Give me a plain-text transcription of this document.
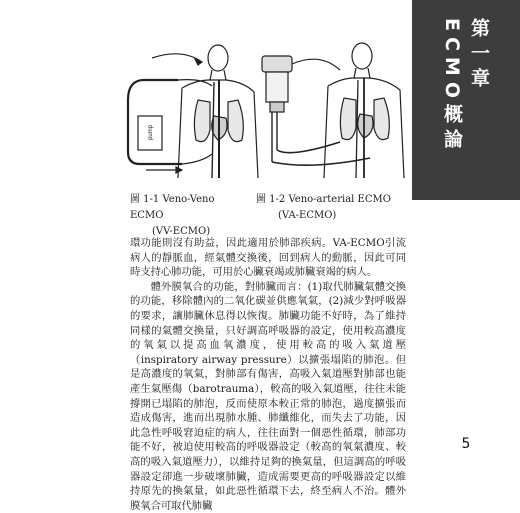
pump
圖 1-1 Veno-Veno ECMO
(VV-ECMO)
圖 1-2 Veno-arterial ECMO
(VA-ECMO)

環功能則沒有助益，因此適用於肺部疾病。VA-ECMO引流病人的靜脈血，經氣體交換後，回到病人的動脈，因此可同時支持心肺功能，可用於心臟衰竭或肺臟衰竭的病人。

體外膜氧合的功能，對肺臟而言：(1)取代肺臟氣體交換的功能，移除體內的二氧化碳並供應氧氣，(2)減少對呼吸器的要求，讓肺臟休息得以恢復。肺臟功能不好時，為了維持同樣的氣體交換量，只好調高呼吸器的設定，使用較高濃度的氧氣以提高血氧濃度，使用較高的吸入氣道壓（inspiratory airway pressure）以擴張塌陷的肺泡。但是高濃度的氧氣，對肺部有傷害，高吸入氣道壓對肺部也能產生氣壓傷（barotrauma），較高的吸入氣道壓，往往未能撐開已塌陷的肺泡，反而使原本較正常的肺泡，過度擴張而造成傷害，進而出現肺水腫、肺纖維化，而失去了功能，因此急性呼吸窘迫症的病人，往往面對一個惡性循環，肺部功能不好，被迫使用較高的呼吸器設定（較高的氧氣濃度、較高的吸入氣道壓力），以維持足夠的換氣量，但這調高的呼吸器設定卻進一步破壞肺臟，造成需要更高的呼吸器設定以維持原先的換氣量，如此惡性循環下去，終至病人不治。體外膜氧合可取代肺臟

第一章 ECMO概論
5
